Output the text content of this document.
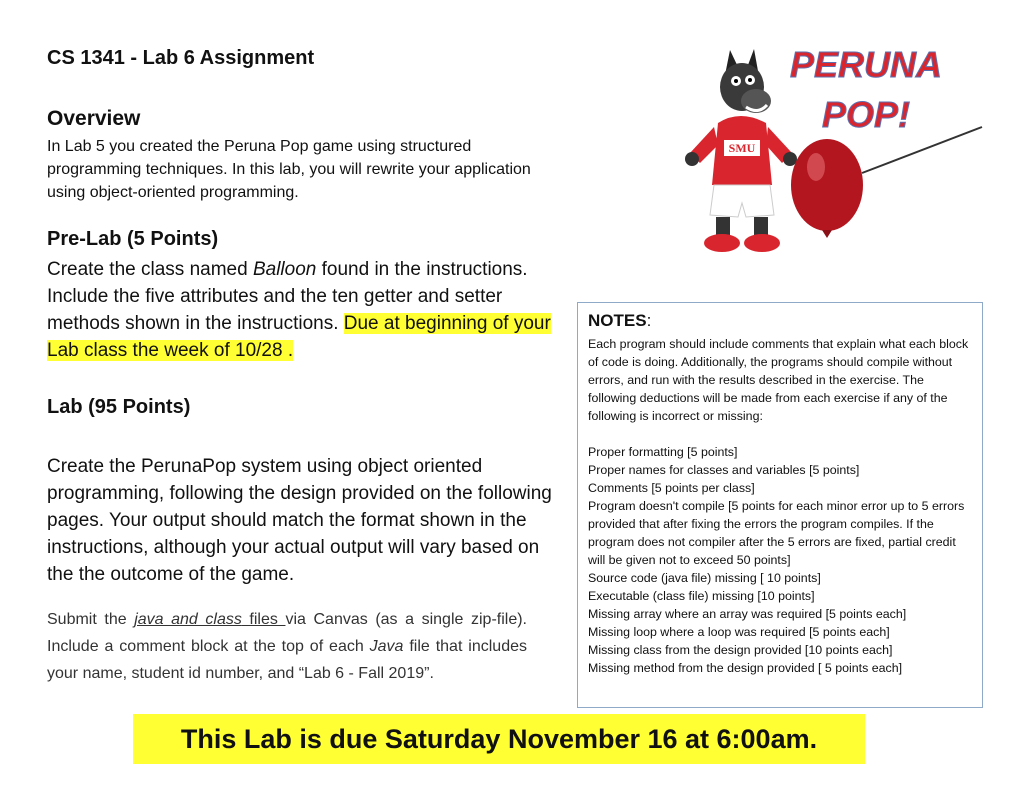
CS 1341 - Lab 6 Assignment
Overview
In Lab 5 you created the Peruna Pop game using structured programming techniques. In this lab, you will rewrite your application using object-oriented programming.
Pre-Lab (5 Points)
Create the class named Balloon found in the instructions. Include the five attributes and the ten getter and setter methods shown in the instructions. Due at beginning of your Lab class the week of 10/28 .
Lab (95 Points)
Create the PerunaPop system using object oriented programming, following the design provided on the following pages. Your output should match the format shown in the instructions, although your actual output will vary based on the the outcome of the game.
Submit the java and class files via Canvas (as a single zip-file). Include a comment block at the top of each Java file that includes your name, student id number, and “Lab 6 - Fall 2019”.
NOTES:
Each program should include comments that explain what each block of code is doing. Additionally, the programs should compile without errors, and run with the results described in the exercise. The following deductions will be made from each exercise if any of the following is incorrect or missing:
Proper formatting [5 points]
Proper names for classes and variables [5 points]
Comments [5 points per class]
Program doesn't compile [5 points for each minor error up to 5 errors provided that after fixing the errors the program compiles. If the program does not compiler after the 5 errors are fixed, partial credit will be given not to exceed 50 points]
Source code (java file) missing [ 10 points]
Executable (class file) missing [10 points]
Missing array where an array was required [5 points each]
Missing loop where a loop was required [5 points each]
Missing class from the design provided [10 points each]
Missing method from the design provided [ 5 points each]
This Lab is due Saturday November 16 at 6:00am.
SMU
PERUNA
POP!
